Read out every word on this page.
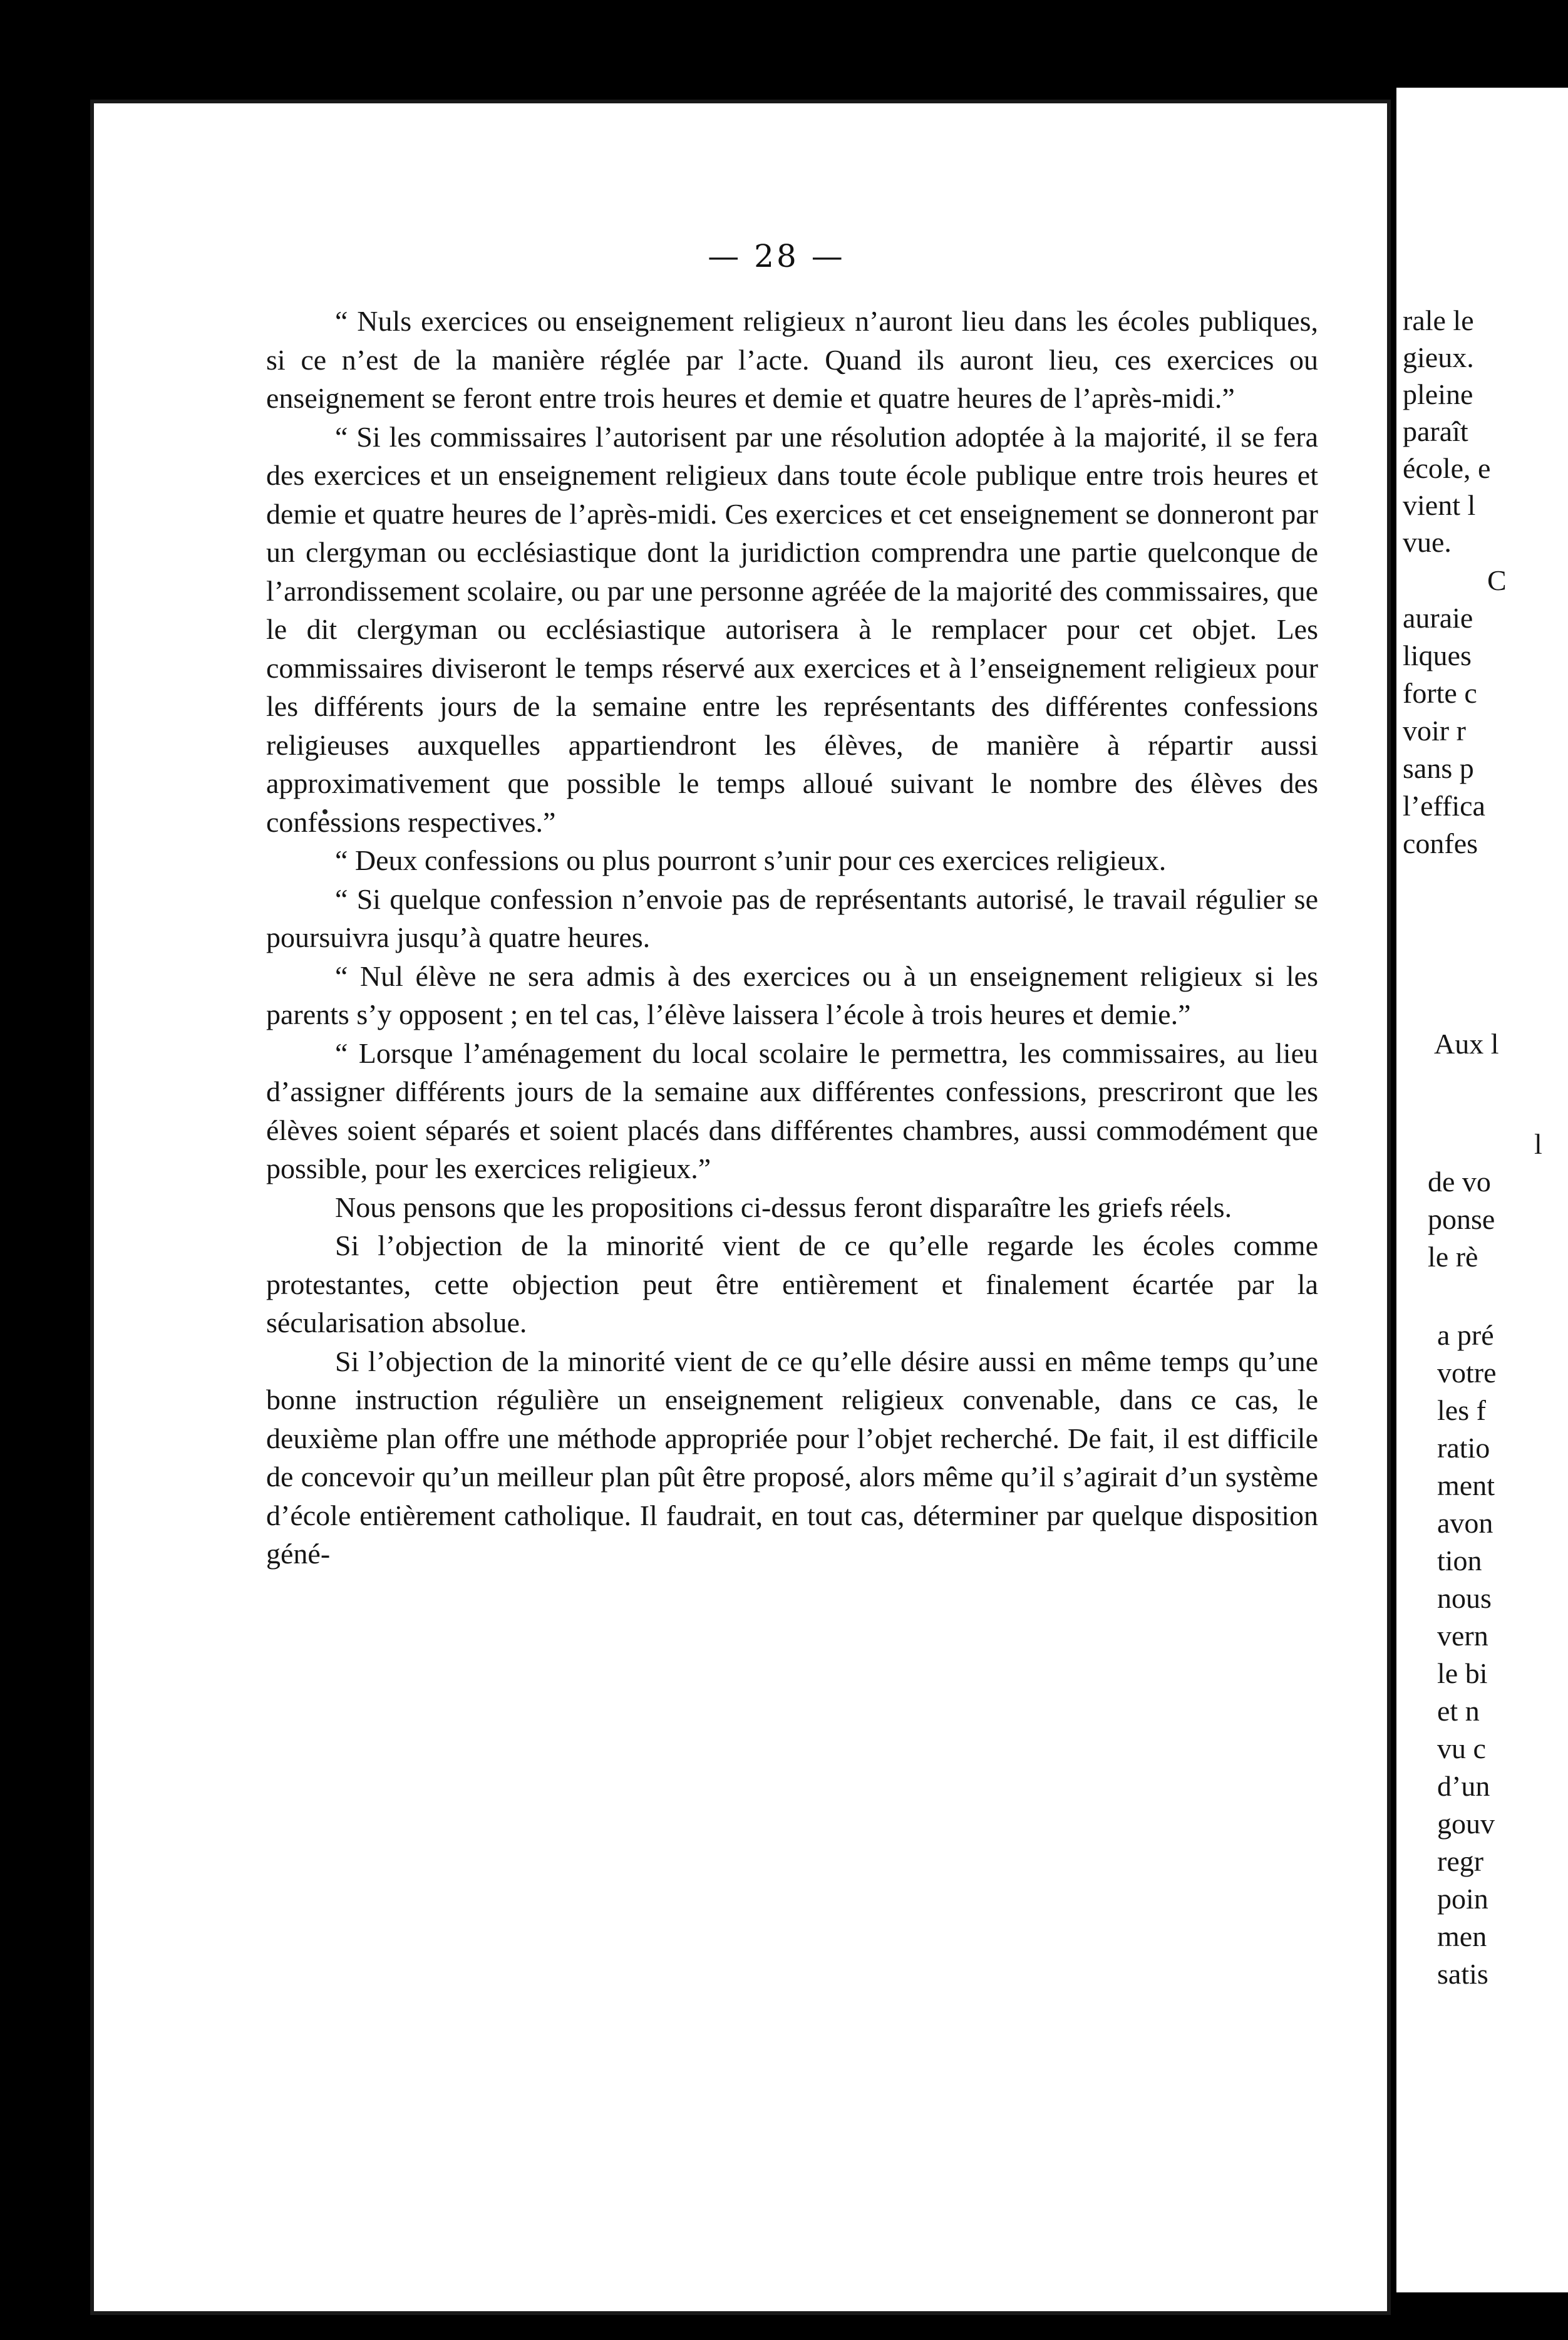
rale le
gieux.
pleine
paraît
école, e
vient l
vue.
C
auraie
liques
forte c
voir r
sans p
l’effica
confes
Aux l
l
de vo
ponse
le rè
a pré
votre
les f
ratio
ment
avon
tion
nous
vern
le bi
et n
vu c
d’un
gouv
regr
poin
men
satis
— 28 —

“ Nuls exercices ou enseignement religieux n’auront lieu dans les écoles publiques, si ce n’est de la manière réglée par l’acte. Quand ils auront lieu, ces exercices ou enseignement se feront entre trois heures et demie et quatre heures de l’après-midi.”

“ Si les commissaires l’autorisent par une résolution adoptée à la majorité, il se fera des exercices et un enseignement religieux dans toute école publique entre trois heures et demie et quatre heures de l’après-midi. Ces exercices et cet enseignement se donneront par un clergyman ou ecclésiastique dont la juridiction comprendra une partie quelconque de l’arrondissement scolaire, ou par une personne agréée de la majorité des commissaires, que le dit clergyman ou ecclésiastique autorisera à le remplacer pour cet objet. Les commissaires diviseront le temps réservé aux exercices et à l’enseignement religieux pour les différents jours de la semaine entre les représentants des différentes confessions religieuses auxquelles appartiendront les élèves, de manière à répartir aussi approximativement que possible le temps alloué suivant le nombre des élèves des confessions respectives.”

“ Deux confessions ou plus pourront s’unir pour ces exercices religieux.

“ Si quelque confession n’envoie pas de représentants autorisé, le travail régulier se poursuivra jusqu’à quatre heures.

“ Nul élève ne sera admis à des exercices ou à un enseignement religieux si les parents s’y opposent ; en tel cas, l’élève laissera l’école à trois heures et demie.”

“ Lorsque l’aménagement du local scolaire le permettra, les commissaires, au lieu d’assigner différents jours de la semaine aux différentes confessions, prescriront que les élèves soient séparés et soient placés dans différentes chambres, aussi commodément que possible, pour les exercices religieux.”

Nous pensons que les propositions ci-dessus feront disparaître les griefs réels.

Si l’objection de la minorité vient de ce qu’elle regarde les écoles comme protestantes, cette objection peut être entièrement et finalement écartée par la sécularisation absolue.

Si l’objection de la minorité vient de ce qu’elle désire aussi en même temps qu’une bonne instruction régulière un enseignement religieux convenable, dans ce cas, le deuxième plan offre une méthode appropriée pour l’objet recherché. De fait, il est difficile de concevoir qu’un meilleur plan pût être proposé, alors même qu’il s’agirait d’un système d’école entièrement catholique. Il faudrait, en tout cas, déterminer par quelque disposition géné-
